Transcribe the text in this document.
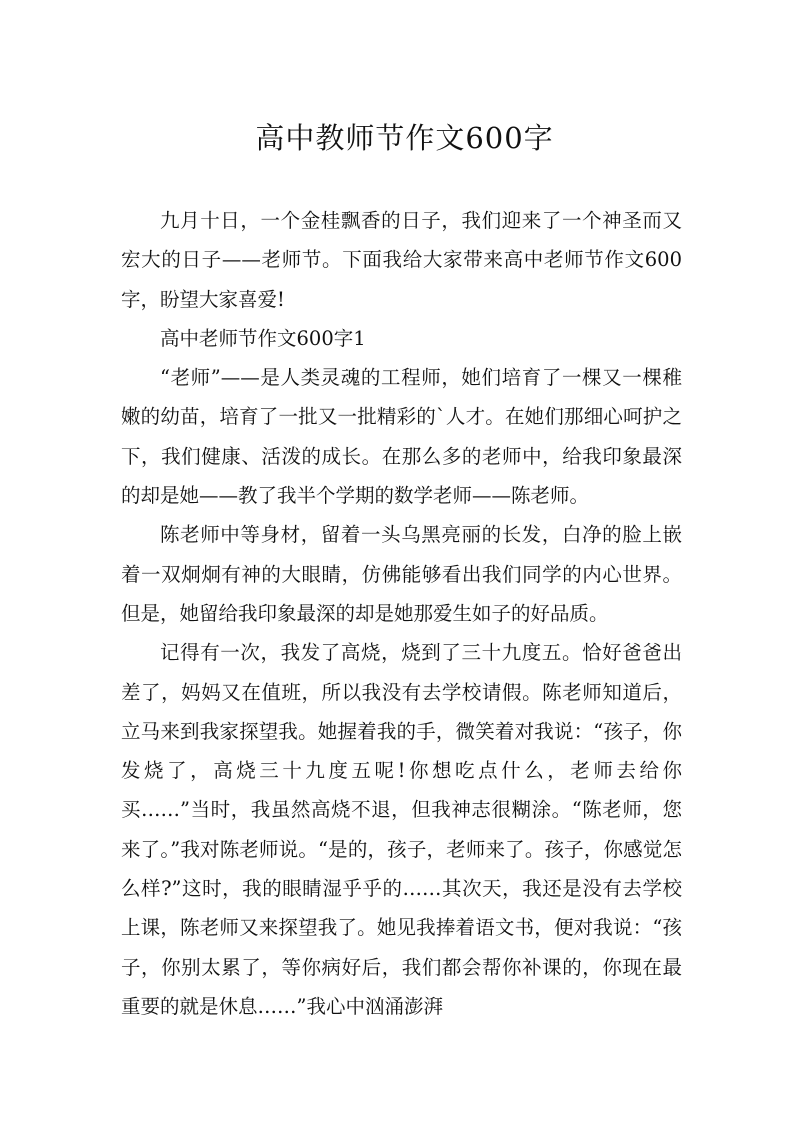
高中教师节作文600字

九月十日，一个金桂飘香的日子，我们迎来了一个神圣而又宏大的日子——老师节。下面我给大家带来高中老师节作文600字，盼望大家喜爱!

高中老师节作文600字1

“老师”——是人类灵魂的工程师，她们培育了一棵又一棵稚嫩的幼苗，培育了一批又一批精彩的`人才。在她们那细心呵护之下，我们健康、活泼的成长。在那么多的老师中，给我印象最深的却是她——教了我半个学期的数学老师——陈老师。

陈老师中等身材，留着一头乌黑亮丽的长发，白净的脸上嵌着一双炯炯有神的大眼睛，仿佛能够看出我们同学的内心世界。但是，她留给我印象最深的却是她那爱生如子的好品质。

记得有一次，我发了高烧，烧到了三十九度五。恰好爸爸出差了，妈妈又在值班，所以我没有去学校请假。陈老师知道后，立马来到我家探望我。她握着我的手，微笑着对我说：“孩子，你发烧了，高烧三十九度五呢!你想吃点什么，老师去给你买……”当时，我虽然高烧不退，但我神志很糊涂。“陈老师，您来了。”我对陈老师说。“是的，孩子，老师来了。孩子，你感觉怎么样?”这时，我的眼睛湿乎乎的……其次天，我还是没有去学校上课，陈老师又来探望我了。她见我捧着语文书，便对我说：“孩子，你别太累了，等你病好后，我们都会帮你补课的，你现在最重要的就是休息……”我心中汹涌澎湃
